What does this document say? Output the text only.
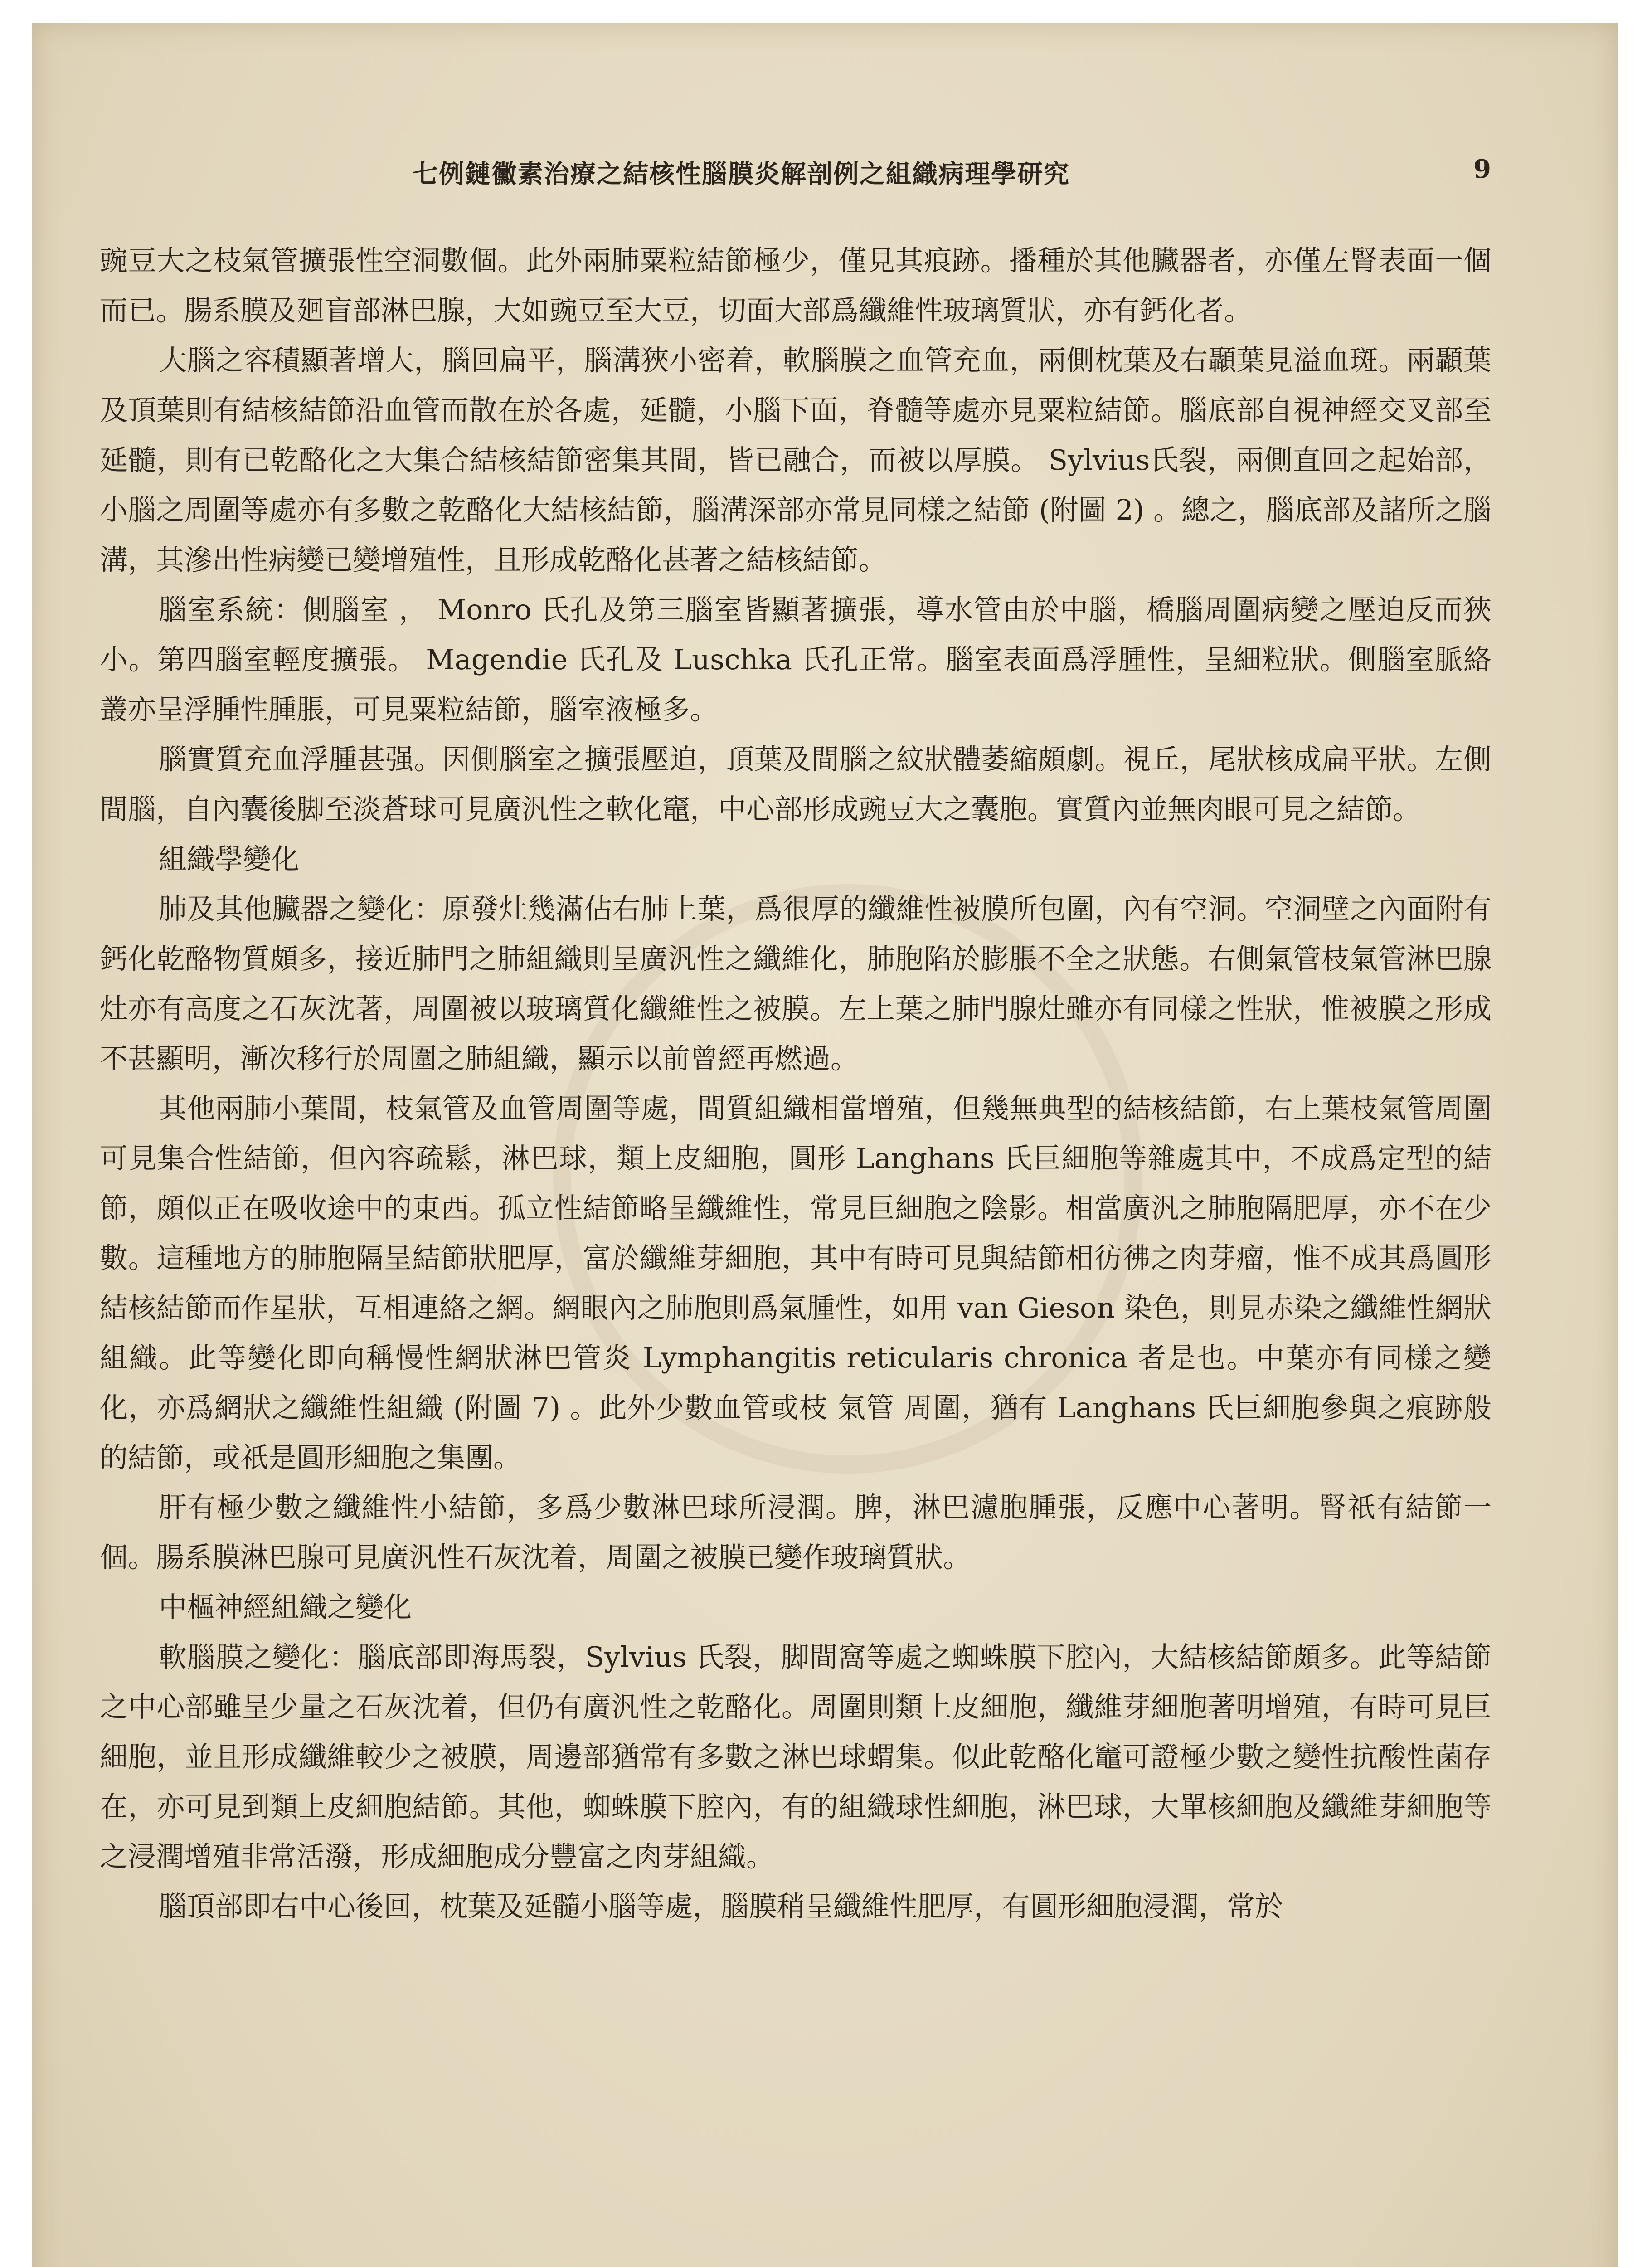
七例鏈黴素治療之結核性腦膜炎解剖例之組織病理學研究	9

豌豆大之枝氣管擴張性空洞數個。此外兩肺粟粒結節極少，僅見其痕跡。播種於其他臟器者，亦僅左腎表面一個而已。腸系膜及廻盲部淋巴腺，大如豌豆至大豆，切面大部爲纖維性玻璃質狀，亦有鈣化者。

大腦之容積顯著增大，腦回扁平，腦溝狹小密着，軟腦膜之血管充血，兩側枕葉及右顳葉見溢血斑。兩顳葉及頂葉則有結核結節沿血管而散在於各處，延髓，小腦下面，脊髓等處亦見粟粒結節。腦底部自視神經交叉部至延髓，則有已乾酪化之大集合結核結節密集其間，皆已融合，而被以厚膜。 Sylvius氏裂，兩側直回之起始部，小腦之周圍等處亦有多數之乾酪化大結核結節，腦溝深部亦常見同樣之結節 (附圖 2) 。總之，腦底部及諸所之腦溝，其滲出性病變已變增殖性，且形成乾酪化甚著之結核結節。

腦室系統：側腦室 ， Monro 氏孔及第三腦室皆顯著擴張，導水管由於中腦，橋腦周圍病變之壓迫反而狹小。第四腦室輕度擴張。 Magendie 氏孔及 Luschka 氏孔正常。腦室表面爲浮腫性，呈細粒狀。側腦室脈絡叢亦呈浮腫性腫脹，可見粟粒結節，腦室液極多。

腦實質充血浮腫甚强。因側腦室之擴張壓迫，頂葉及間腦之紋狀體萎縮頗劇。視丘，尾狀核成扁平狀。左側間腦，自內囊後脚至淡蒼球可見廣汎性之軟化竈，中心部形成豌豆大之囊胞。實質內並無肉眼可見之結節。

組織學變化

肺及其他臟器之變化：原發灶幾滿佔右肺上葉，爲很厚的纖維性被膜所包圍，內有空洞。空洞壁之內面附有鈣化乾酪物質頗多，接近肺門之肺組織則呈廣汎性之纖維化，肺胞陷於膨脹不全之狀態。右側氣管枝氣管淋巴腺灶亦有高度之石灰沈著，周圍被以玻璃質化纖維性之被膜。左上葉之肺門腺灶雖亦有同樣之性狀，惟被膜之形成不甚顯明，漸次移行於周圍之肺組織，顯示以前曾經再燃過。

其他兩肺小葉間，枝氣管及血管周圍等處，間質組織相當增殖，但幾無典型的結核結節，右上葉枝氣管周圍可見集合性結節，但內容疏鬆，淋巴球，類上皮細胞，圓形 Langhans 氏巨細胞等雜處其中，不成爲定型的結節，頗似正在吸收途中的東西。孤立性結節略呈纖維性，常見巨細胞之陰影。相當廣汎之肺胞隔肥厚，亦不在少數。這種地方的肺胞隔呈結節狀肥厚，富於纖維芽細胞，其中有時可見與結節相彷彿之肉芽瘤，惟不成其爲圓形結核結節而作星狀，互相連絡之網。網眼內之肺胞則爲氣腫性，如用 van Gieson 染色，則見赤染之纖維性網狀組織。此等變化即向稱慢性網狀淋巴管炎 Lymphangitis reticularis chronica 者是也。中葉亦有同樣之變化，亦爲網狀之纖維性組織 (附圖 7) 。此外少數血管或枝 氣管 周圍，猶有 Langhans 氏巨細胞參與之痕跡般的結節，或祇是圓形細胞之集團。

肝有極少數之纖維性小結節，多爲少數淋巴球所浸潤。脾，淋巴濾胞腫張，反應中心著明。腎祇有結節一個。腸系膜淋巴腺可見廣汎性石灰沈着，周圍之被膜已變作玻璃質狀。

中樞神經組織之變化

軟腦膜之變化：腦底部即海馬裂，Sylvius 氏裂，脚間窩等處之蜘蛛膜下腔內，大結核結節頗多。此等結節之中心部雖呈少量之石灰沈着，但仍有廣汎性之乾酪化。周圍則類上皮細胞，纖維芽細胞著明增殖，有時可見巨細胞，並且形成纖維較少之被膜，周邊部猶常有多數之淋巴球蝟集。似此乾酪化竈可證極少數之變性抗酸性菌存在，亦可見到類上皮細胞結節。其他，蜘蛛膜下腔內，有的組織球性細胞，淋巴球，大單核細胞及纖維芽細胞等之浸潤增殖非常活潑，形成細胞成分豐富之肉芽組織。

腦頂部即右中心後回，枕葉及延髓小腦等處，腦膜稍呈纖維性肥厚，有圓形細胞浸潤，常於
